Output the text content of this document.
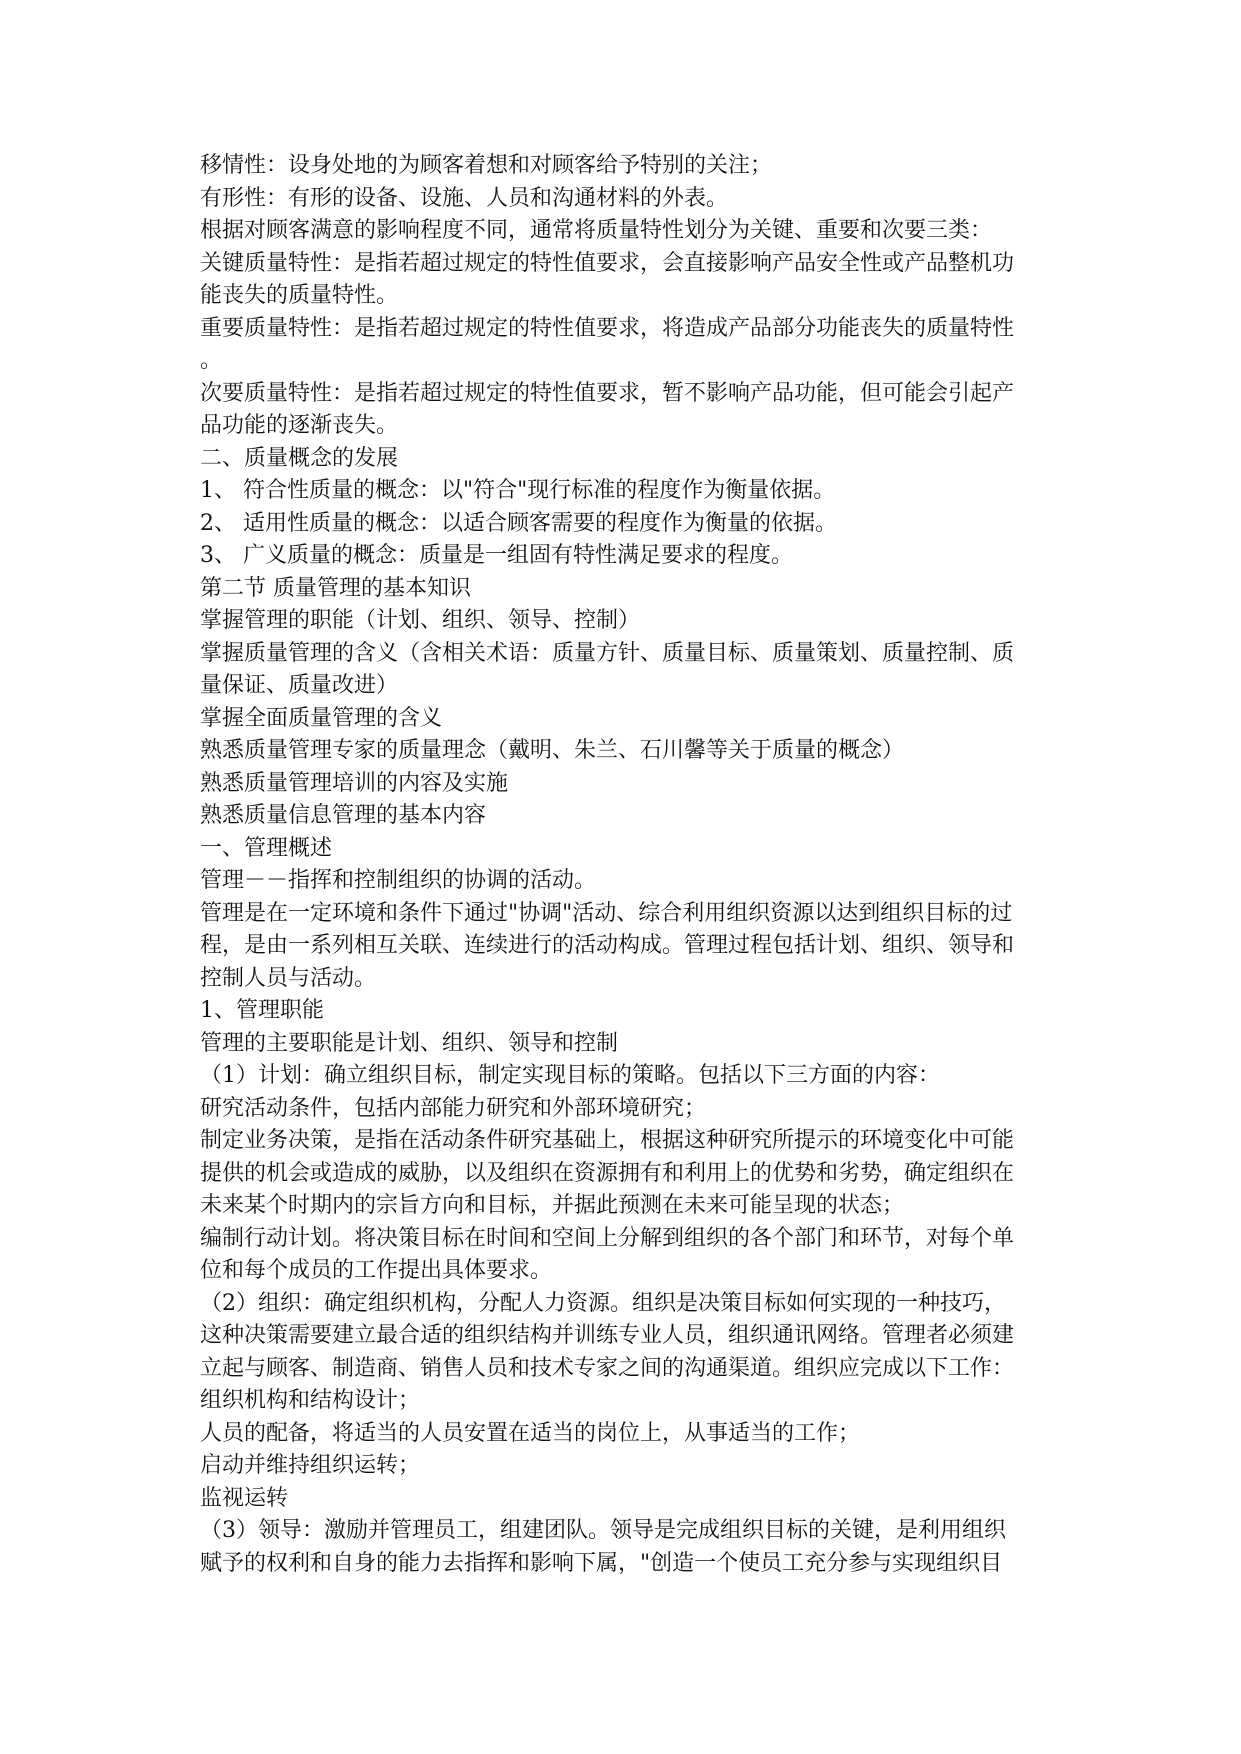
移情性：设身处地的为顾客着想和对顾客给予特别的关注；
有形性：有形的设备、设施、人员和沟通材料的外表。
根据对顾客满意的影响程度不同，通常将质量特性划分为关键、重要和次要三类：
关键质量特性：是指若超过规定的特性值要求，会直接影响产品安全性或产品整机功
能丧失的质量特性。
重要质量特性：是指若超过规定的特性值要求，将造成产品部分功能丧失的质量特性
。
次要质量特性：是指若超过规定的特性值要求，暂不影响产品功能，但可能会引起产
品功能的逐渐丧失。
二、质量概念的发展
1、 符合性质量的概念：以"符合"现行标准的程度作为衡量依据。
2、 适用性质量的概念：以适合顾客需要的程度作为衡量的依据。
3、 广义质量的概念：质量是一组固有特性满足要求的程度。
第二节 质量管理的基本知识
掌握管理的职能（计划、组织、领导、控制）
掌握质量管理的含义（含相关术语：质量方针、质量目标、质量策划、质量控制、质
量保证、质量改进）
掌握全面质量管理的含义
熟悉质量管理专家的质量理念（戴明、朱兰、石川馨等关于质量的概念）
熟悉质量管理培训的内容及实施
熟悉质量信息管理的基本内容
一、管理概述
管理－－指挥和控制组织的协调的活动。
管理是在一定环境和条件下通过"协调"活动、综合利用组织资源以达到组织目标的过
程，是由一系列相互关联、连续进行的活动构成。管理过程包括计划、组织、领导和
控制人员与活动。
1、管理职能
管理的主要职能是计划、组织、领导和控制
（1）计划：确立组织目标，制定实现目标的策略。包括以下三方面的内容：
研究活动条件，包括内部能力研究和外部环境研究；
制定业务决策，是指在活动条件研究基础上，根据这种研究所提示的环境变化中可能
提供的机会或造成的威胁，以及组织在资源拥有和利用上的优势和劣势，确定组织在
未来某个时期内的宗旨方向和目标，并据此预测在未来可能呈现的状态；
编制行动计划。将决策目标在时间和空间上分解到组织的各个部门和环节，对每个单
位和每个成员的工作提出具体要求。
（2）组织：确定组织机构，分配人力资源。组织是决策目标如何实现的一种技巧，
这种决策需要建立最合适的组织结构并训练专业人员，组织通讯网络。管理者必须建
立起与顾客、制造商、销售人员和技术专家之间的沟通渠道。组织应完成以下工作：
组织机构和结构设计；
人员的配备，将适当的人员安置在适当的岗位上，从事适当的工作；
启动并维持组织运转；
监视运转
（3）领导：激励并管理员工，组建团队。领导是完成组织目标的关键，是利用组织
赋予的权利和自身的能力去指挥和影响下属，"创造一个使员工充分参与实现组织目
